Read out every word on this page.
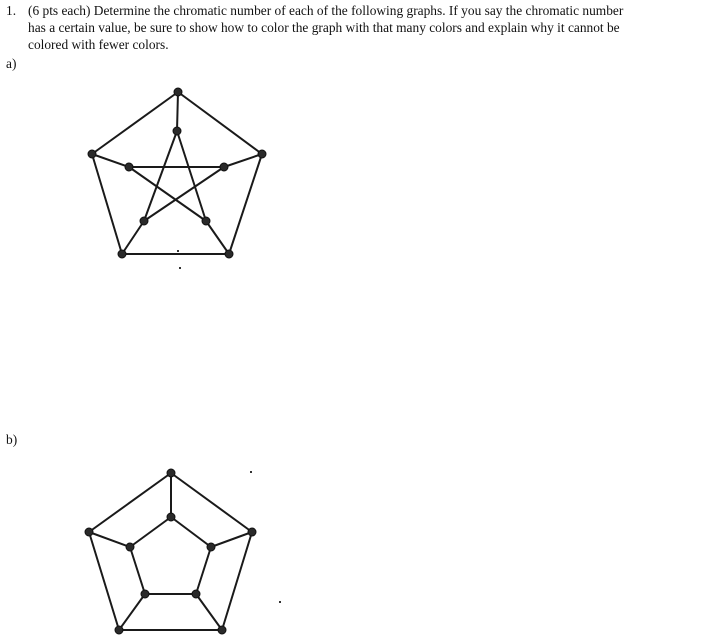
1. (6 pts each) Determine the chromatic number of each of the following graphs. If you say the chromatic number
has a certain value, be sure to show how to color the graph with that many colors and explain why it cannot be
colored with fewer colors.
a)
b)
